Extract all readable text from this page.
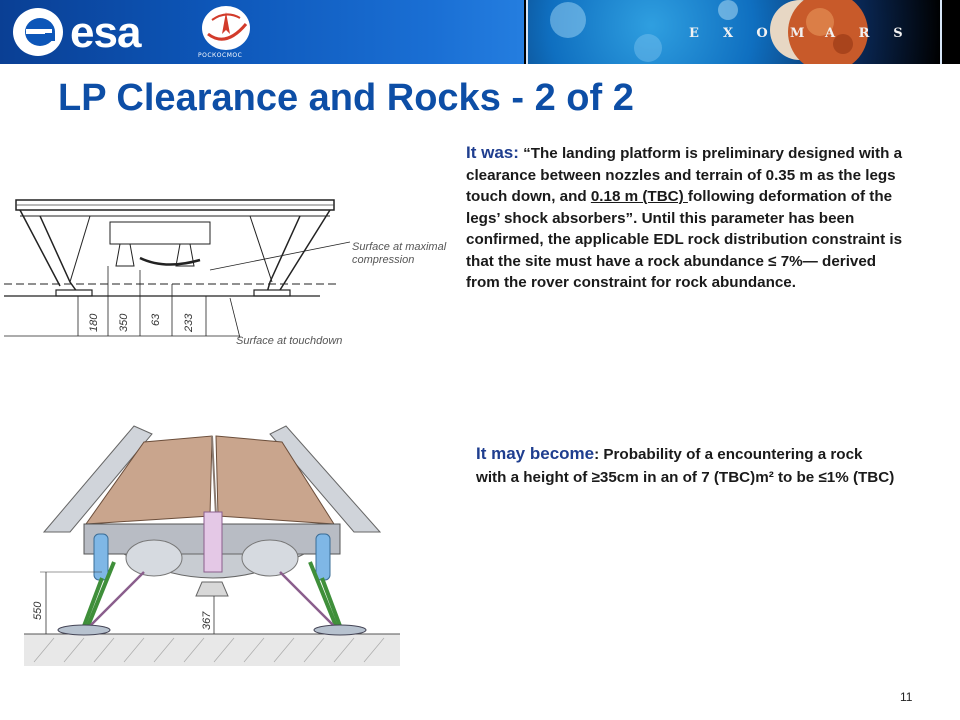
esa	РОСКОСМОС
E X O M A R S
LP Clearance and Rocks - 2 of 2
Surface at maximal
compression
Surface at touchdown
180 350 63 233
550
367
It was: “The landing platform is preliminary designed with a clearance between nozzles and terrain of 0.35 m as the legs touch down, and 0.18 m (TBC) following deformation of the legs’ shock absorbers”. Until this parameter has been confirmed, the applicable EDL rock distribution constraint is that the site must have a rock abundance ≤ 7%— derived from the rover constraint for rock abundance.
It may become: Probability of a encountering a rock with a height of ≥35cm in an of 7 (TBC)m² to be ≤1% (TBC)
11
